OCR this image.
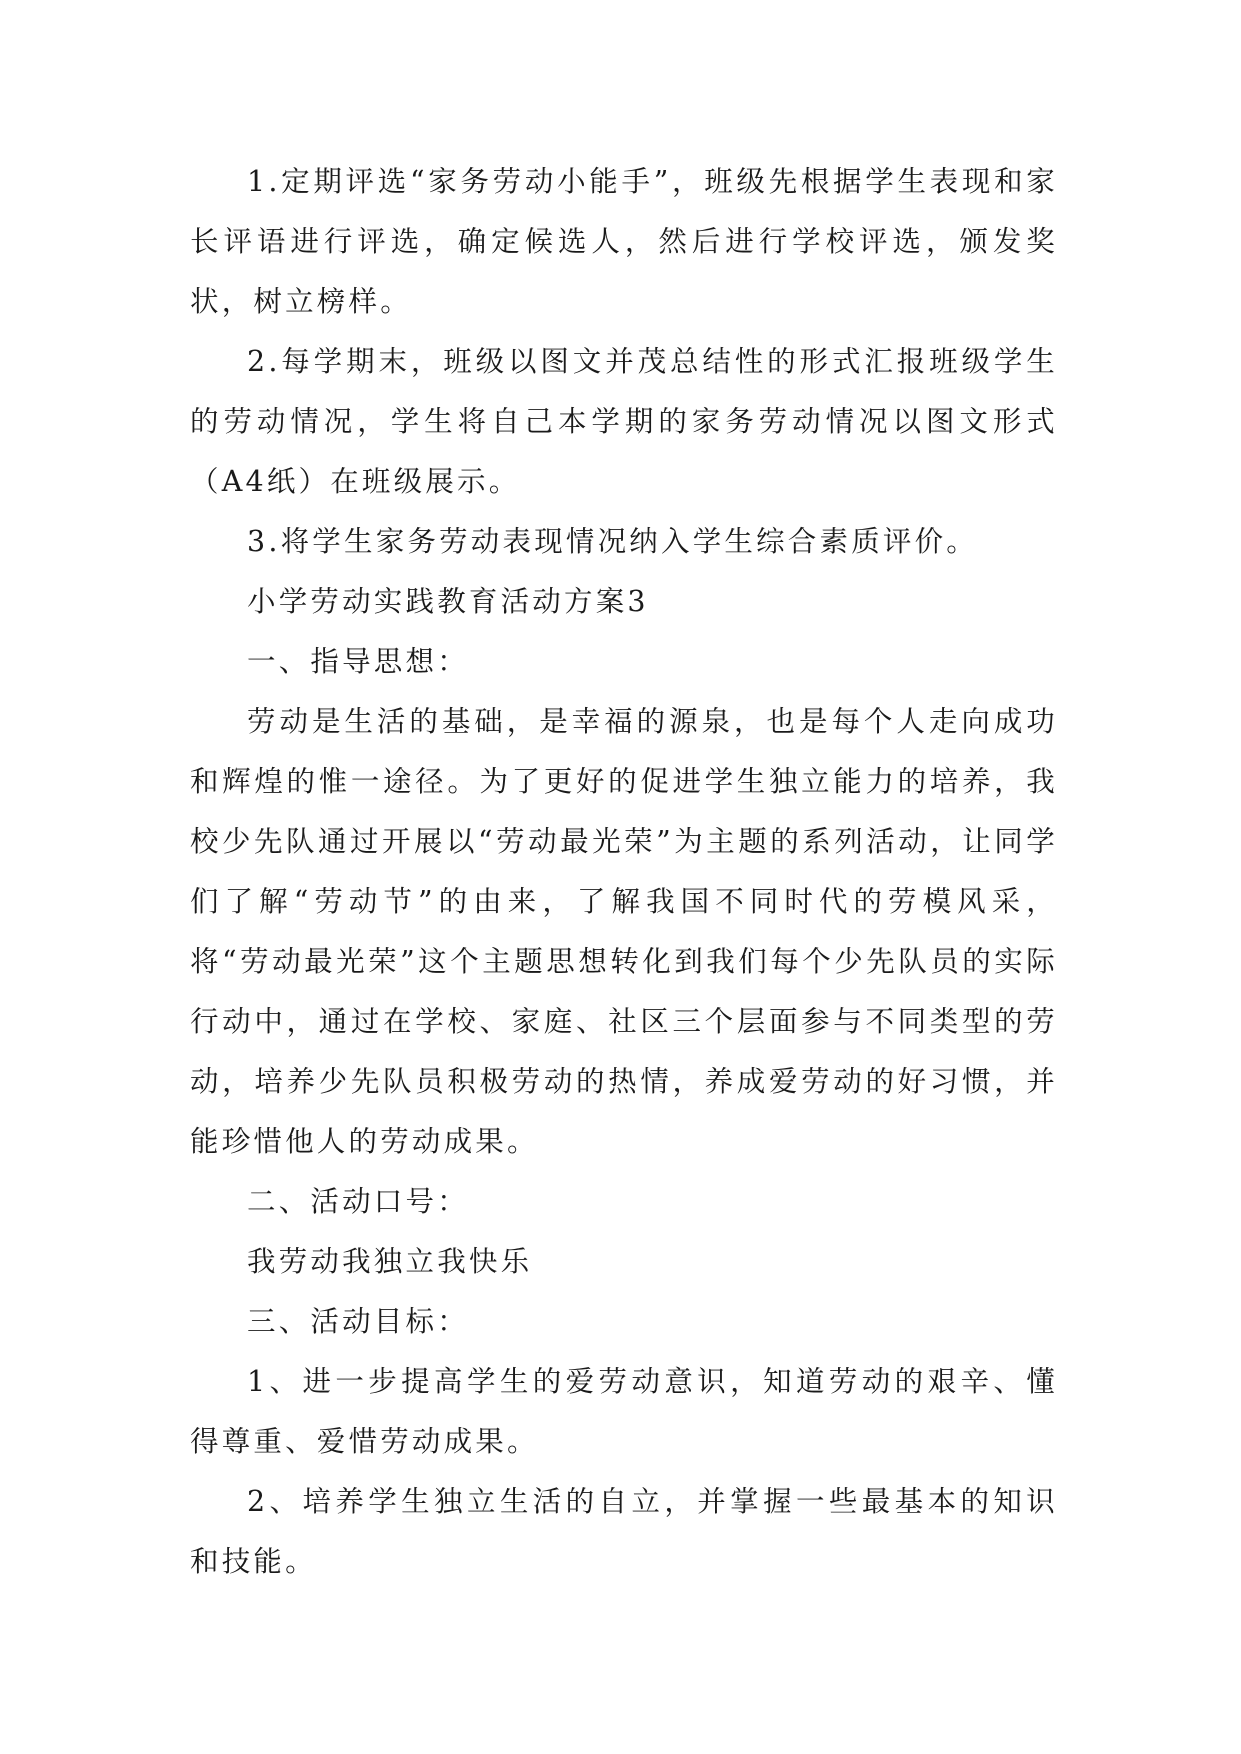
1.定期评选“家务劳动小能手”，班级先根据学生表现和家长评语进行评选，确定候选人，然后进行学校评选，颁发奖状，树立榜样。

2.每学期末，班级以图文并茂总结性的形式汇报班级学生的劳动情况，学生将自己本学期的家务劳动情况以图文形式（A4纸）在班级展示。

3.将学生家务劳动表现情况纳入学生综合素质评价。

小学劳动实践教育活动方案3

一、指导思想：

劳动是生活的基础，是幸福的源泉，也是每个人走向成功和辉煌的惟一途径。为了更好的促进学生独立能力的培养，我校少先队通过开展以“劳动最光荣”为主题的系列活动，让同学们了解“劳动节”的由来，了解我国不同时代的劳模风采，将“劳动最光荣”这个主题思想转化到我们每个少先队员的实际行动中，通过在学校、家庭、社区三个层面参与不同类型的劳动，培养少先队员积极劳动的热情，养成爱劳动的好习惯，并能珍惜他人的劳动成果。

二、活动口号：

我劳动我独立我快乐

三、活动目标：

1、进一步提高学生的爱劳动意识，知道劳动的艰辛、懂得尊重、爱惜劳动成果。

2、培养学生独立生活的自立，并掌握一些最基本的知识和技能。
